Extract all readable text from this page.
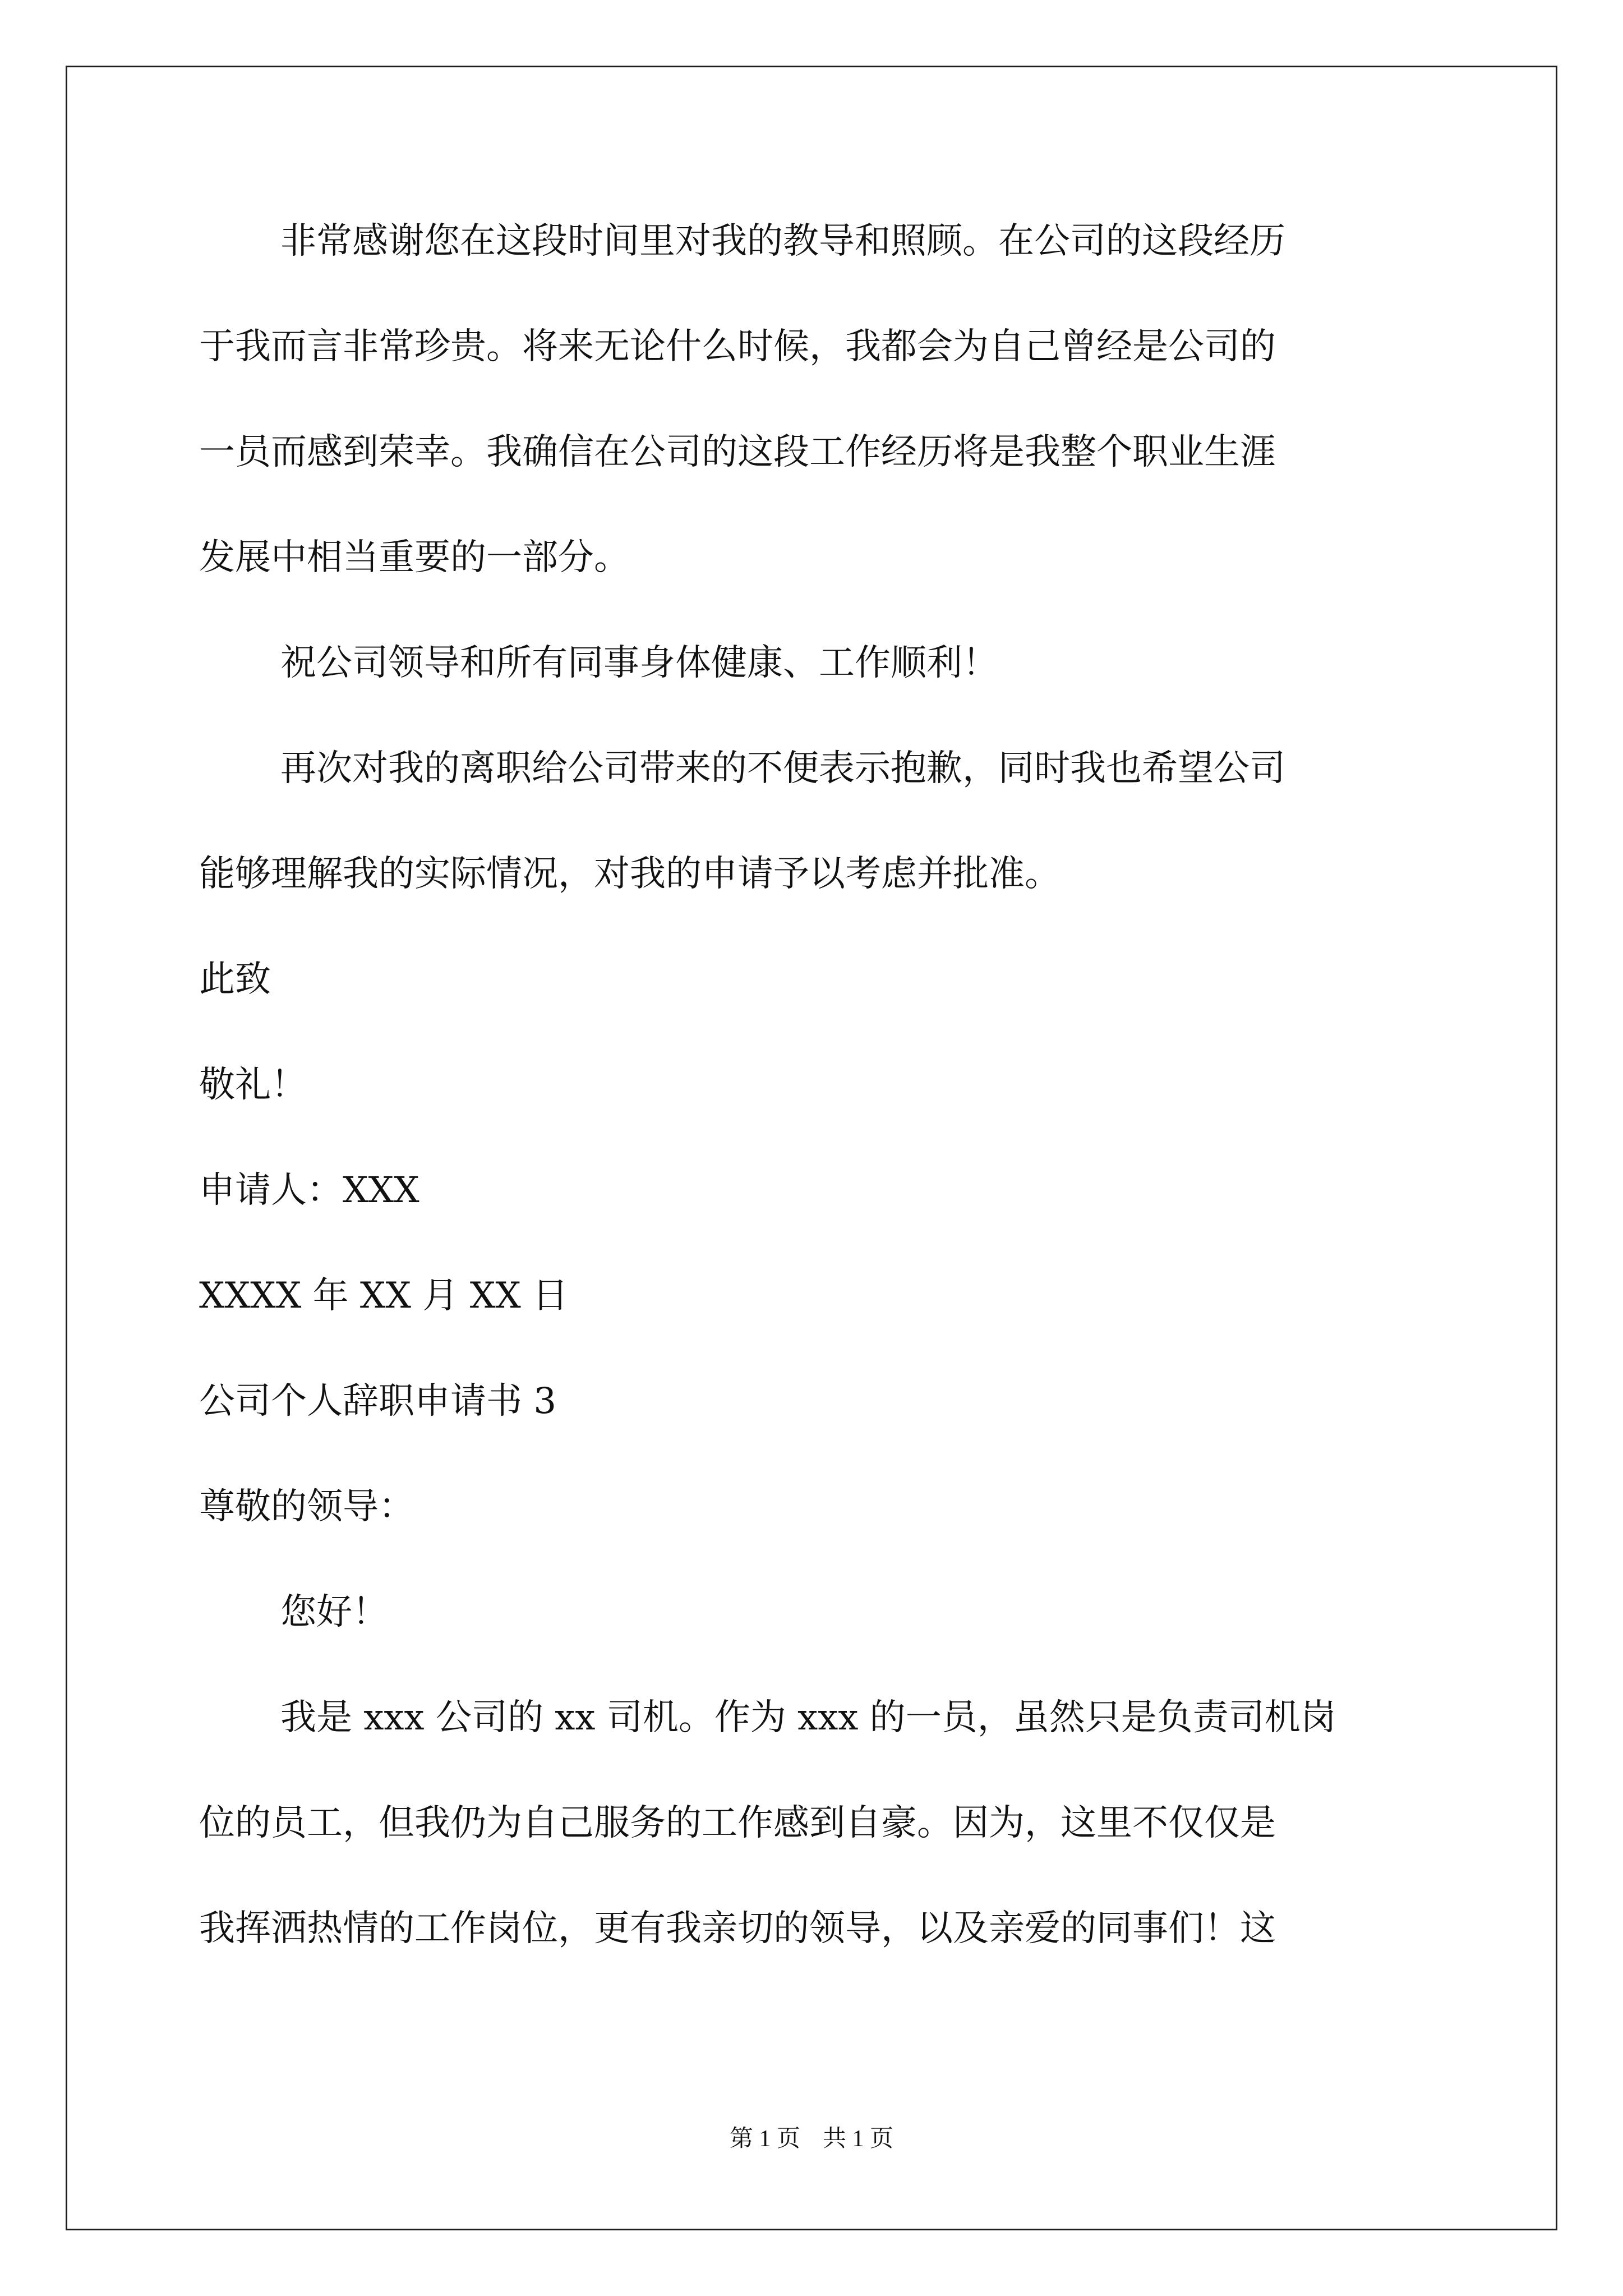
非常感谢您在这段时间里对我的教导和照顾。在公司的这段经历
于我而言非常珍贵。将来无论什么时候，我都会为自己曾经是公司的
一员而感到荣幸。我确信在公司的这段工作经历将是我整个职业生涯
发展中相当重要的一部分。
祝公司领导和所有同事身体健康、工作顺利！
再次对我的离职给公司带来的不便表示抱歉，同时我也希望公司
能够理解我的实际情况，对我的申请予以考虑并批准。
此致
敬礼！
申请人：XXX
XXXX 年 XX 月 XX 日
公司个人辞职申请书 3
尊敬的领导：
您好！
我是 xxx 公司的 xx 司机。作为 xxx 的一员，虽然只是负责司机岗
位的员工，但我仍为自己服务的工作感到自豪。因为，这里不仅仅是
我挥洒热情的工作岗位，更有我亲切的领导，以及亲爱的同事们！这
第 1 页 共 1 页
